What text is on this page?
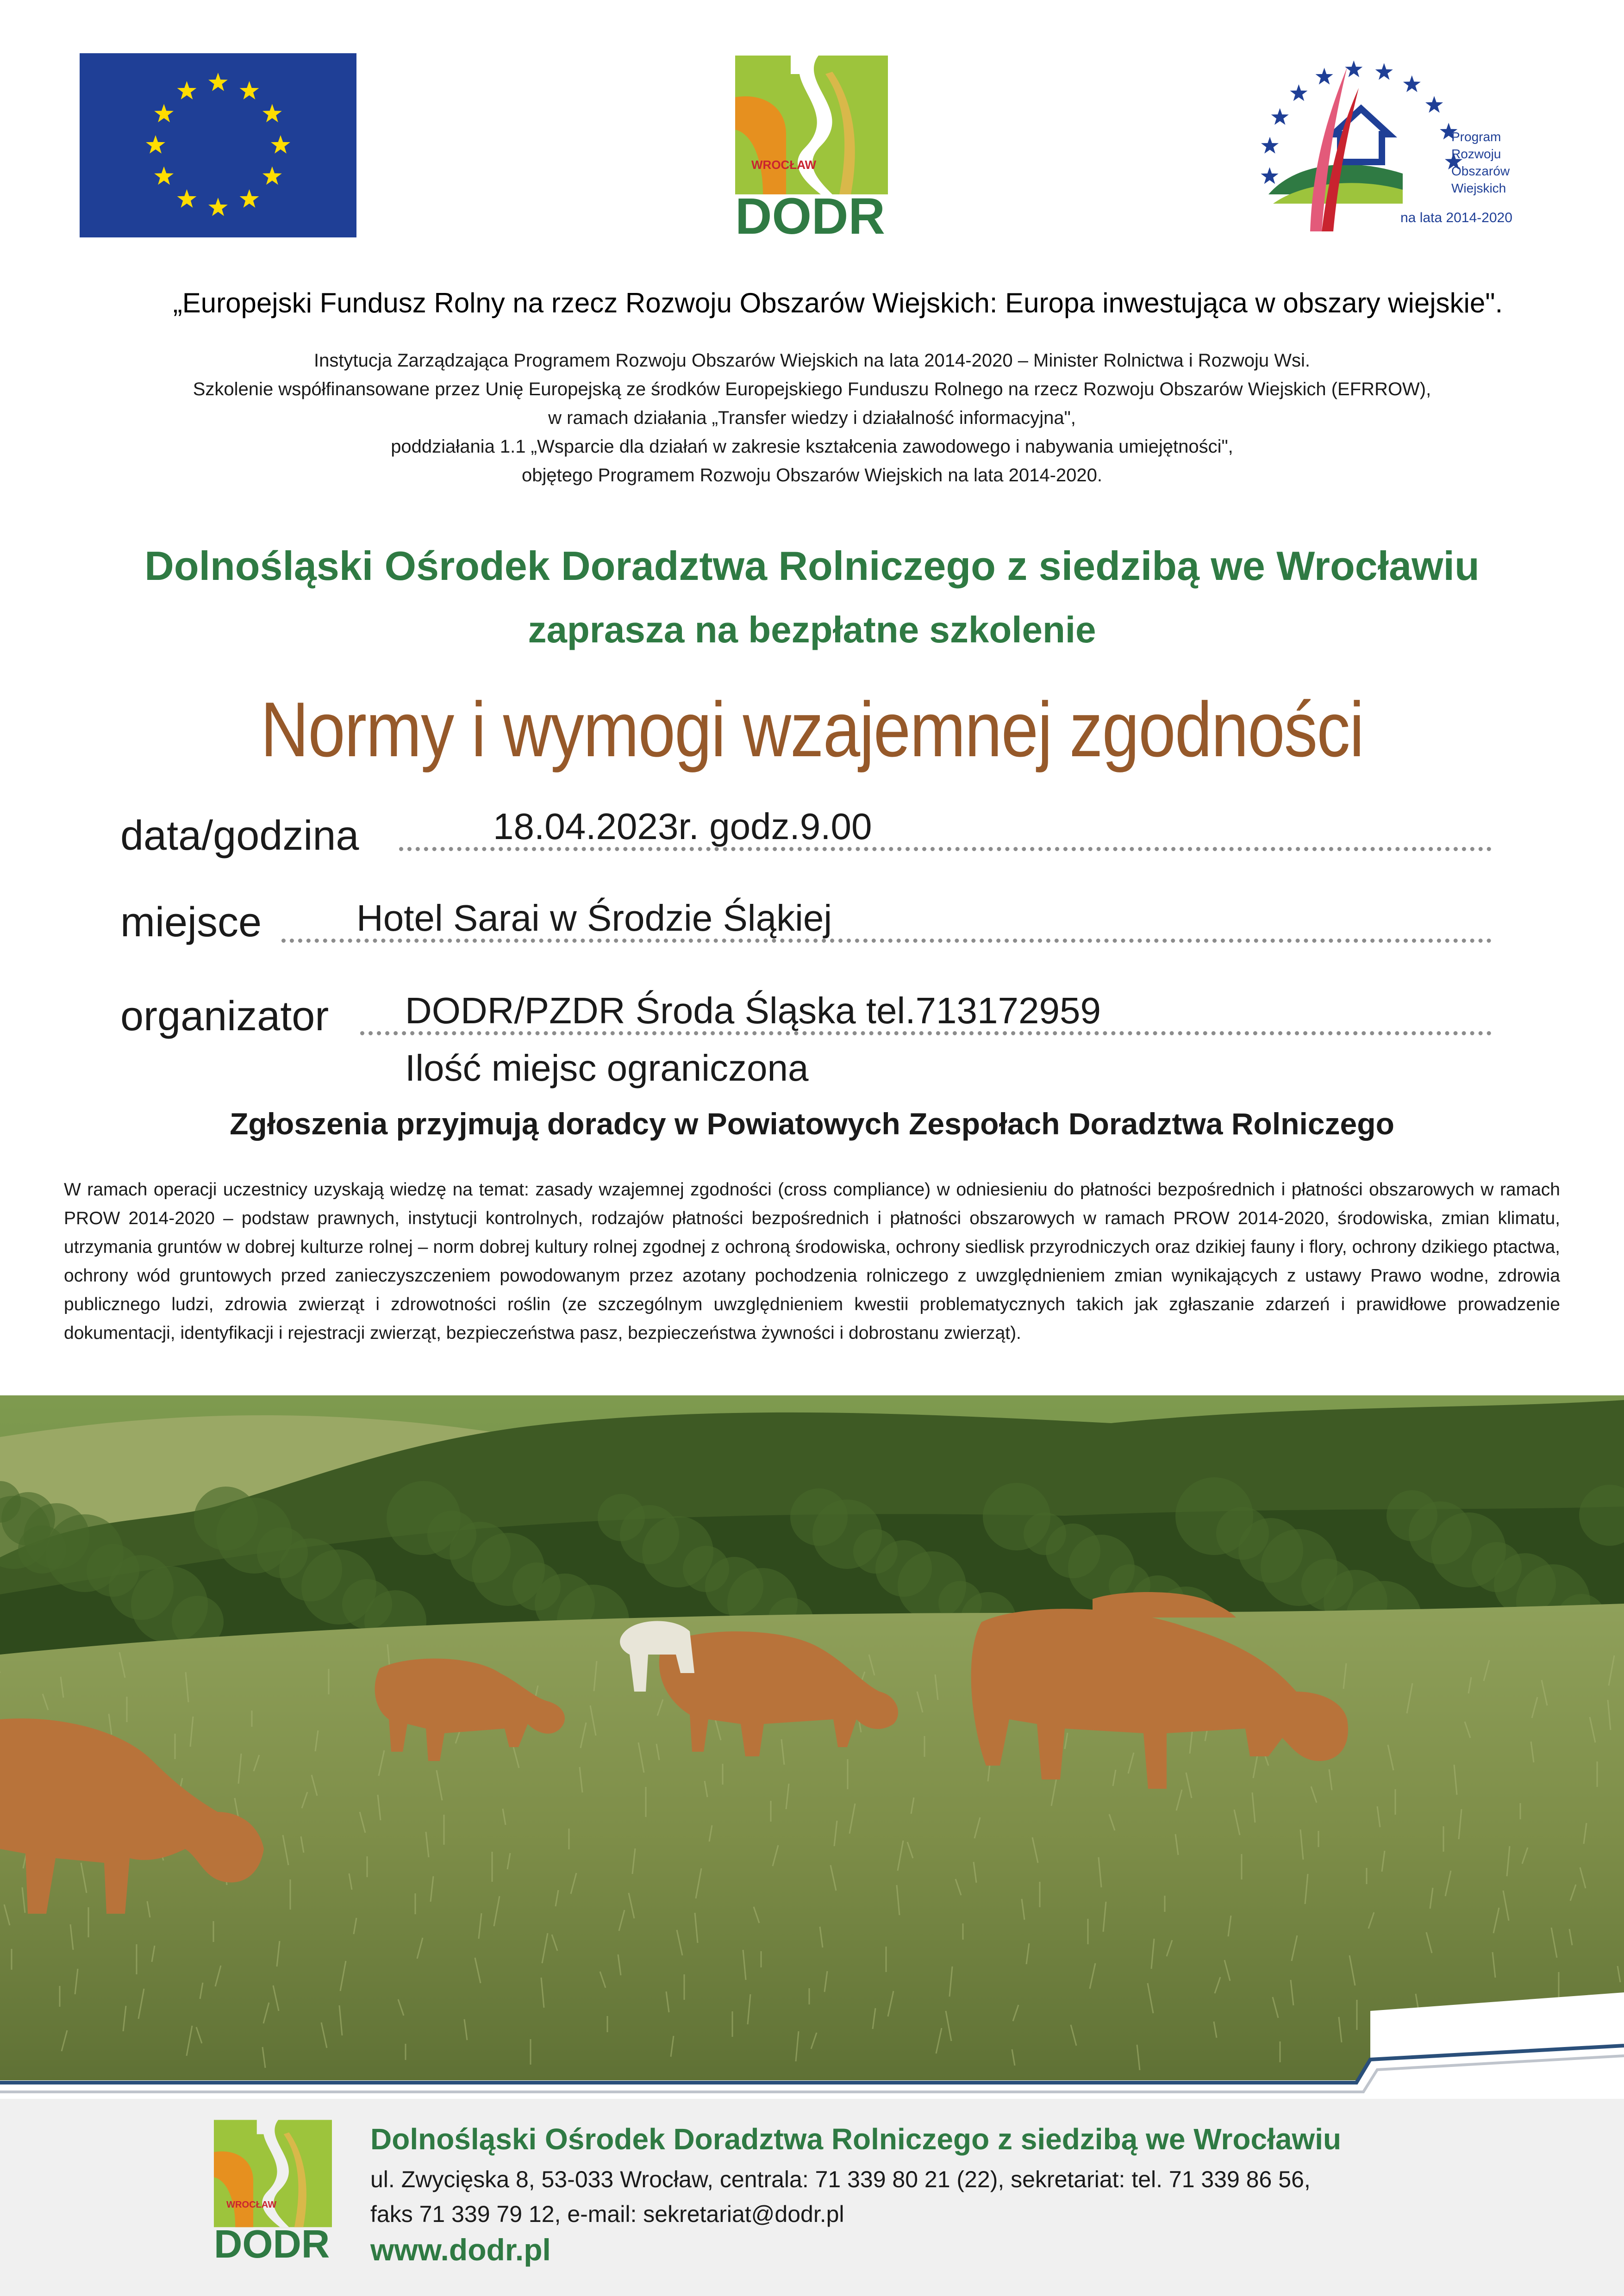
WROCŁAW
DODR
Program
Rozwoju
Obszarów
Wiejskich
na lata 2014-2020
„Europejski Fundusz Rolny na rzecz Rozwoju Obszarów Wiejskich: Europa inwestująca w obszary wiejskie".
Instytucja Zarządzająca Programem Rozwoju Obszarów Wiejskich na lata 2014-2020 – Minister Rolnictwa i Rozwoju Wsi.
Szkolenie współfinansowane przez Unię Europejską ze środków Europejskiego Funduszu Rolnego na rzecz Rozwoju Obszarów Wiejskich (EFRROW),
w ramach działania „Transfer wiedzy i działalność informacyjna",
poddziałania 1.1 „Wsparcie dla działań w zakresie kształcenia zawodowego i nabywania umiejętności",
objętego Programem Rozwoju Obszarów Wiejskich na lata 2014-2020.
Dolnośląski Ośrodek Doradztwa Rolniczego z siedzibą we Wrocławiu
zaprasza na bezpłatne szkolenie
Normy i wymogi wzajemnej zgodności
data/godzina	18.04.2023r. godz.9.00
miejsce	Hotel Sarai w Środzie Śląkiej
organizator DODR/PZDR Środa Śląska tel.713172959
Ilość miejsc ograniczona
Zgłoszenia przyjmują doradcy w Powiatowych Zespołach Doradztwa Rolniczego
W ramach operacji uczestnicy uzyskają wiedzę na temat: zasady wzajemnej zgodności (cross compliance) w odniesieniu do płatności bezpośrednich i płatności obszarowych w ramach PROW 2014-2020 – podstaw prawnych, instytucji kontrolnych, rodzajów płatności bezpośrednich i płatności obszarowych w ramach PROW 2014-2020, środowiska, zmian klimatu, utrzymania gruntów w dobrej kulturze rolnej – norm dobrej kultury rolnej zgodnej z ochroną środowiska, ochrony siedlisk przyrodniczych oraz dzikiej fauny i flory, ochrony dzikiego ptactwa, ochrony wód gruntowych przed zanieczyszczeniem powodowanym przez azotany pochodzenia rolniczego z uwzględnieniem zmian wynikających z ustawy Prawo wodne, zdrowia publicznego ludzi, zdrowia zwierząt i zdrowotności roślin (ze szczególnym uwzględnieniem kwestii problematycznych takich jak zgłaszanie zdarzeń i prawidłowe prowadzenie dokumentacji, identyfikacji i rejestracji zwierząt, bezpieczeństwa pasz, bezpieczeństwa żywności i dobrostanu zwierząt).
WROCŁAW
DODR
Dolnośląski Ośrodek Doradztwa Rolniczego z siedzibą we Wrocławiu
ul. Zwycięska 8, 53-033 Wrocław, centrala: 71 339 80 21 (22), sekretariat: tel. 71 339 86 56,
faks 71 339 79 12, e-mail: sekretariat@dodr.pl
www.dodr.pl
